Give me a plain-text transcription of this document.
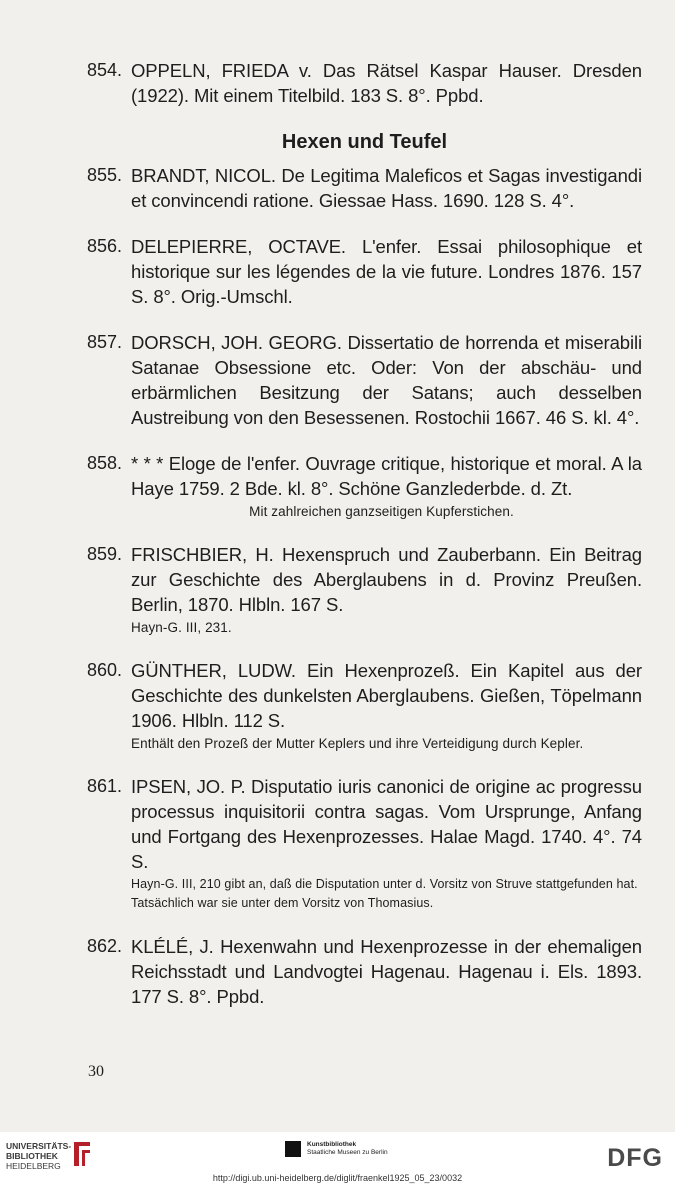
854. OPPELN, FRIEDA v. Das Rätsel Kaspar Hauser. Dresden (1922). Mit einem Titelbild. 183 S. 8°. Ppbd.
Hexen und Teufel
855. BRANDT, NICOL. De Legitima Maleficos et Sagas investigandi et convincendi ratione. Giessae Hass. 1690. 128 S. 4°.
856. DELEPIERRE, OCTAVE. L'enfer. Essai philosophique et historique sur les légendes de la vie future. Londres 1876. 157 S. 8°. Orig.-Umschl.
857. DORSCH, JOH. GEORG. Dissertatio de horrenda et miserabili Satanae Obsessione etc. Oder: Von der abschäu- und erbärmlichen Besitzung der Satans; auch desselben Austreibung von den Besessenen. Rostochii 1667. 46 S. kl. 4°.
858. * * * Eloge de l'enfer. Ouvrage critique, historique et moral. A la Haye 1759. 2 Bde. kl. 8°. Schöne Ganzlederbde. d. Zt.
Mit zahlreichen ganzseitigen Kupferstichen.
859. FRISCHBIER, H. Hexenspruch und Zauberbann. Ein Beitrag zur Geschichte des Aberglaubens in d. Provinz Preußen. Berlin, 1870. Hlbln. 167 S.
Hayn-G. III, 231.
860. GÜNTHER, LUDW. Ein Hexenprozeß. Ein Kapitel aus der Geschichte des dunkelsten Aberglaubens. Gießen, Töpelmann 1906. Hlbln. 112 S.
Enthält den Prozeß der Mutter Keplers und ihre Verteidigung durch Kepler.
861. IPSEN, JO. P. Disputatio iuris canonici de origine ac progressu processus inquisitorii contra sagas. Vom Ursprunge, Anfang und Fortgang des Hexenprozesses. Halae Magd. 1740. 4°. 74 S.
Hayn-G. III, 210 gibt an, daß die Disputation unter d. Vorsitz von Struve stattgefunden hat. Tatsächlich war sie unter dem Vorsitz von Thomasius.
862. KLÉLÉ, J. Hexenwahn und Hexenprozesse in der ehemaligen Reichsstadt und Landvogtei Hagenau. Hagenau i. Els. 1893. 177 S. 8°. Ppbd.
30
UNIVERSITÄTS-
BIBLIOTHEK
HEIDELBERG
Kunstbibliothek
Staatliche Museen zu Berlin	DFG
http://digi.ub.uni-heidelberg.de/diglit/fraenkel1925_05_23/0032
